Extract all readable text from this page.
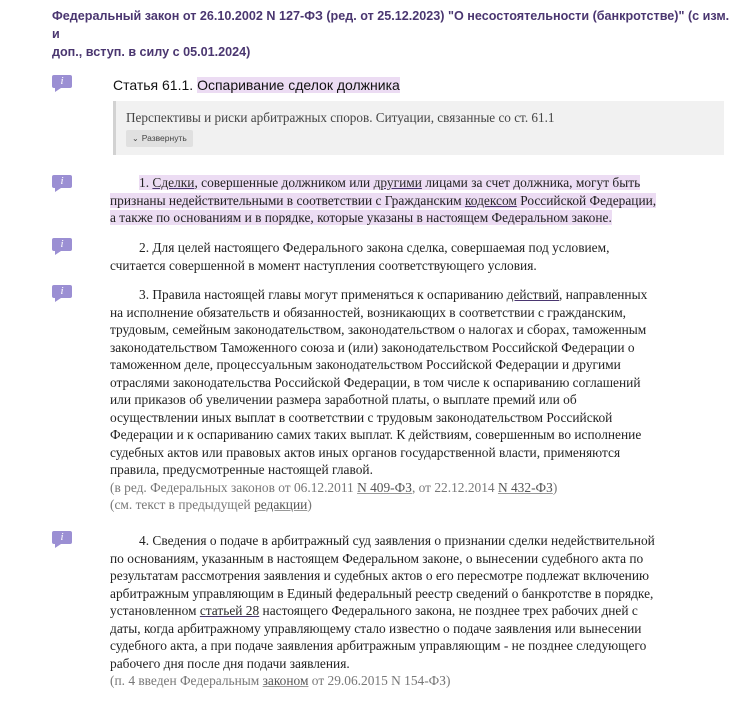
Федеральный закон от 26.10.2002 N 127-ФЗ (ред. от 25.12.2023) "О несостоятельности (банкротстве)" (с изм. и
доп., вступ. в силу с 05.01.2024)
i	Статья 61.1. Оспаривание сделок должника
Перспективы и риски арбитражных споров. Ситуации, связанные со ст. 61.1
⌄ Развернуть
i	1. Сделки, совершенные должником или другими лицами за счет должника, могут быть
признаны недействительными в соответствии с Гражданским кодексом Российской Федерации,
а также по основаниям и в порядке, которые указаны в настоящем Федеральном законе.
i	2. Для целей настоящего Федерального закона сделка, совершаемая под условием,
считается совершенной в момент наступления соответствующего условия.
i	3. Правила настоящей главы могут применяться к оспариванию действий, направленных
на исполнение обязательств и обязанностей, возникающих в соответствии с гражданским,
трудовым, семейным законодательством, законодательством о налогах и сборах, таможенным
законодательством Таможенного союза и (или) законодательством Российской Федерации о
таможенном деле, процессуальным законодательством Российской Федерации и другими
отраслями законодательства Российской Федерации, в том числе к оспариванию соглашений
или приказов об увеличении размера заработной платы, о выплате премий или об
осуществлении иных выплат в соответствии с трудовым законодательством Российской
Федерации и к оспариванию самих таких выплат. К действиям, совершенным во исполнение
судебных актов или правовых актов иных органов государственной власти, применяются
правила, предусмотренные настоящей главой.
(в ред. Федеральных законов от 06.12.2011 N 409-ФЗ, от 22.12.2014 N 432-ФЗ)
(см. текст в предыдущей редакции)
i	4. Сведения о подаче в арбитражный суд заявления о признании сделки недействительной
по основаниям, указанным в настоящем Федеральном законе, о вынесении судебного акта по
результатам рассмотрения заявления и судебных актов о его пересмотре подлежат включению
арбитражным управляющим в Единый федеральный реестр сведений о банкротстве в порядке,
установленном статьей 28 настоящего Федерального закона, не позднее трех рабочих дней с
даты, когда арбитражному управляющему стало известно о подаче заявления или вынесении
судебного акта, а при подаче заявления арбитражным управляющим - не позднее следующего
рабочего дня после дня подачи заявления.
(п. 4 введен Федеральным законом от 29.06.2015 N 154-ФЗ)
